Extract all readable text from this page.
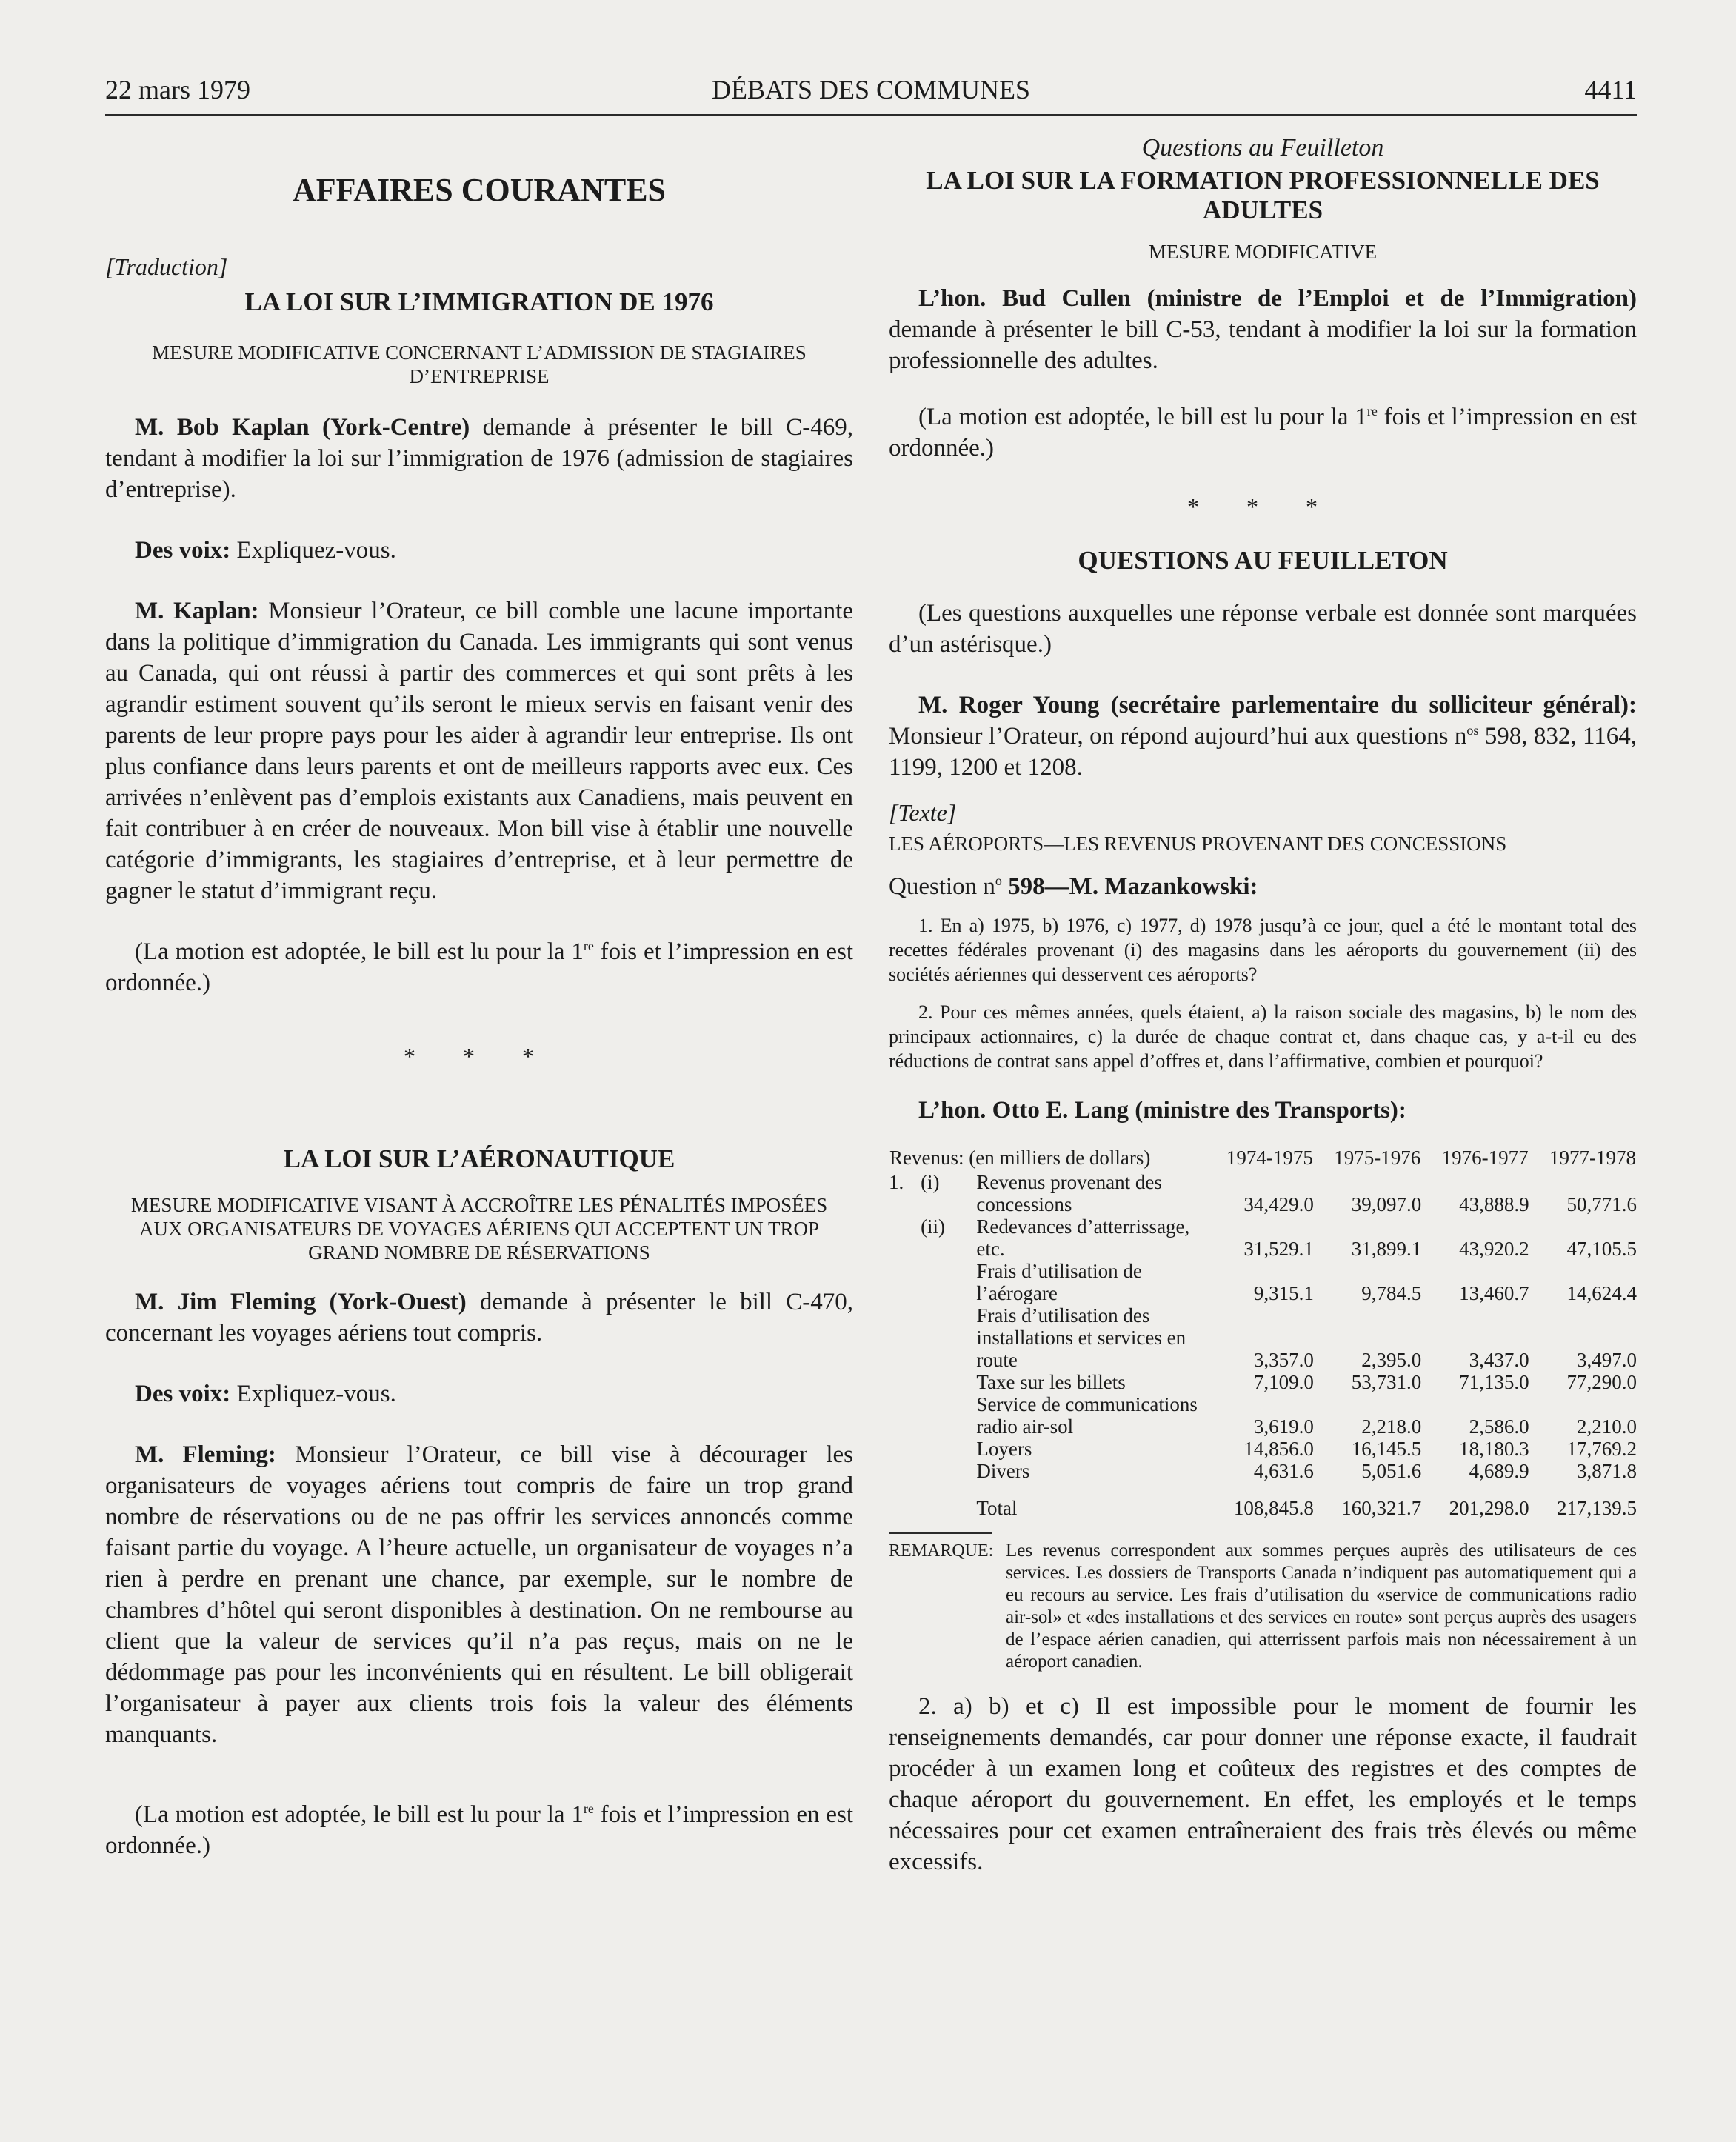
22 mars 1979	DÉBATS DES COMMUNES	4411
AFFAIRES COURANTES

[Traduction]

LA LOI SUR L’IMMIGRATION DE 1976
MESURE MODIFICATIVE CONCERNANT L’ADMISSION DE STAGIAIRES D’ENTREPRISE

M. Bob Kaplan (York-Centre) demande à présenter le bill C-469, tendant à modifier la loi sur l’immigration de 1976 (admission de stagiaires d’entreprise).

Des voix: Expliquez-vous.

M. Kaplan: Monsieur l’Orateur, ce bill comble une lacune importante dans la politique d’immigration du Canada. Les immigrants qui sont venus au Canada, qui ont réussi à partir des commerces et qui sont prêts à les agrandir estiment souvent qu’ils seront le mieux servis en faisant venir des parents de leur propre pays pour les aider à agrandir leur entreprise. Ils ont plus confiance dans leurs parents et ont de meilleurs rapports avec eux. Ces arrivées n’enlèvent pas d’emplois existants aux Canadiens, mais peuvent en fait contribuer à en créer de nouveaux. Mon bill vise à établir une nouvelle catégorie d’immigrants, les stagiaires d’entreprise, et à leur permettre de gagner le statut d’immigrant reçu.

(La motion est adoptée, le bill est lu pour la 1re fois et l’impression en est ordonnée.)

* * *
LA LOI SUR L’AÉRONAUTIQUE
MESURE MODIFICATIVE VISANT À ACCROÎTRE LES PÉNALITÉS IMPOSÉES AUX ORGANISATEURS DE VOYAGES AÉRIENS QUI ACCEPTENT UN TROP GRAND NOMBRE DE RÉSERVATIONS

M. Jim Fleming (York-Ouest) demande à présenter le bill C-470, concernant les voyages aériens tout compris.

Des voix: Expliquez-vous.

M. Fleming: Monsieur l’Orateur, ce bill vise à décourager les organisateurs de voyages aériens tout compris de faire un trop grand nombre de réservations ou de ne pas offrir les services annoncés comme faisant partie du voyage. A l’heure actuelle, un organisateur de voyages n’a rien à perdre en prenant une chance, par exemple, sur le nombre de chambres d’hôtel qui seront disponibles à destination. On ne rembourse au client que la valeur de services qu’il n’a pas reçus, mais on ne le dédommage pas pour les inconvénients qui en résultent. Le bill obligerait l’organisateur à payer aux clients trois fois la valeur des éléments manquants.

(La motion est adoptée, le bill est lu pour la 1re fois et l’impression en est ordonnée.)

Questions au Feuilleton
LA LOI SUR LA FORMATION PROFESSIONNELLE DES ADULTES
MESURE MODIFICATIVE

L’hon. Bud Cullen (ministre de l’Emploi et de l’Immigration) demande à présenter le bill C-53, tendant à modifier la loi sur la formation professionnelle des adultes.

(La motion est adoptée, le bill est lu pour la 1re fois et l’impression en est ordonnée.)

* * *
QUESTIONS AU FEUILLETON

(Les questions auxquelles une réponse verbale est donnée sont marquées d’un astérisque.)

M. Roger Young (secrétaire parlementaire du solliciteur général): Monsieur l’Orateur, on répond aujourd’hui aux questions $n^{os}$ 598, 832, 1164, 1199, 1200 et 1208.

[Texte]

LES AÉROPORTS—LES REVENUS PROVENANT DES CONCESSIONS

Question $n^o$ 598—M. Mazankowski:

1. En a) 1975, b) 1976, c) 1977, d) 1978 jusqu’à ce jour, quel a été le montant total des recettes fédérales provenant (i) des magasins dans les aéroports du gouvernement (ii) des sociétés aériennes qui desservent ces aéroports?

2. Pour ces mêmes années, quels étaient, a) la raison sociale des magasins, b) le nom des principaux actionnaires, c) la durée de chaque contrat et, dans chaque cas, y a-t-il eu des réductions de contrat sans appel d’offres et, dans l’affirmative, combien et pourquoi?

L’hon. Otto E. Lang (ministre des Transports):

Revenus: (en milliers de dollars)			1974-1975	1975-1976	1976-1977	1977-1978
1.	(i)	Revenus provenant des concessions	34,429.0	39,097.0	43,888.9	50,771.6
	(ii)	Redevances d’atterrissage, etc.	31,529.1	31,899.1	43,920.2	47,105.5
		Frais d’utilisation de l’aérogare	9,315.1	9,784.5	13,460.7	14,624.4
		Frais d’utilisation des installations et services en route	3,357.0	2,395.0	3,437.0	3,497.0
		Taxe sur les billets	7,109.0	53,731.0	71,135.0	77,290.0
		Service de communications radio air-sol	3,619.0	2,218.0	2,586.0	2,210.0
		Loyers	14,856.0	16,145.5	18,180.3	17,769.2
		Divers	4,631.6	5,051.6	4,689.9	3,871.8
		Total	108,845.8	160,321.7	201,298.0	217,139.5
REMARQUE: Les revenus correspondent aux sommes perçues auprès des utilisateurs de ces services. Les dossiers de Transports Canada n’indiquent pas automatiquement qui a eu recours au service. Les frais d’utilisation du «service de communications radio air-sol» et «des installations et des services en route» sont perçus auprès des usagers de l’espace aérien canadien, qui atterrissent parfois mais non nécessairement à un aéroport canadien.

2. a) b) et c) Il est impossible pour le moment de fournir les renseignements demandés, car pour donner une réponse exacte, il faudrait procéder à un examen long et coûteux des registres et des comptes de chaque aéroport du gouvernement. En effet, les employés et le temps nécessaires pour cet examen entraîneraient des frais très élevés ou même excessifs.
